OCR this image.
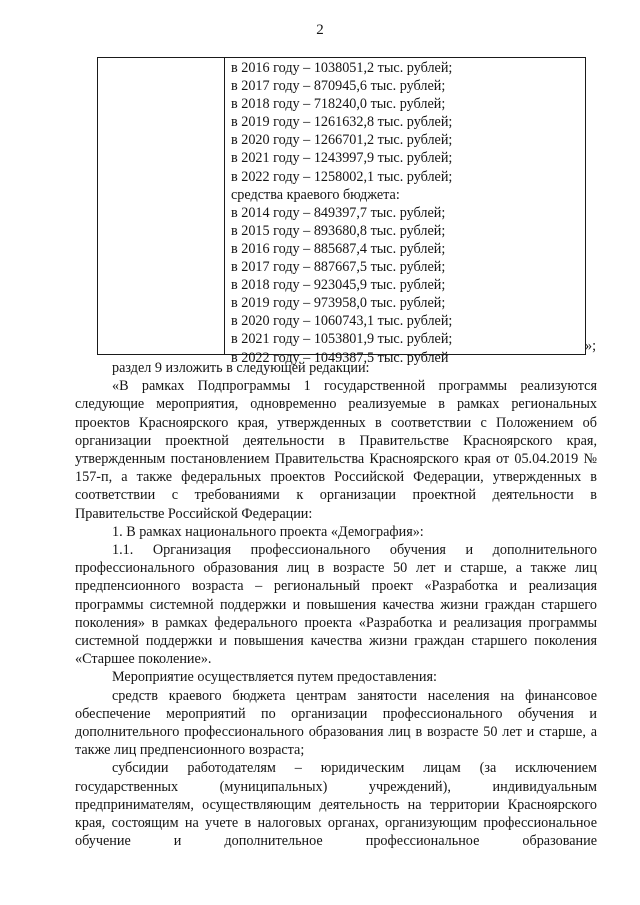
2
в 2016 году – 1038051,2 тыс. рублей;
в 2017 году – 870945,6 тыс. рублей;
в 2018 году – 718240,0 тыс. рублей;
в 2019 году – 1261632,8 тыс. рублей;
в 2020 году – 1266701,2 тыс. рублей;
в 2021 году – 1243997,9 тыс. рублей;
в 2022 году – 1258002,1 тыс. рублей;
средства краевого бюджета:
в 2014 году – 849397,7 тыс. рублей;
в 2015 году – 893680,8 тыс. рублей;
в 2016 году – 885687,4 тыс. рублей;
в 2017 году – 887667,5 тыс. рублей;
в 2018 году – 923045,9 тыс. рублей;
в 2019 году – 973958,0 тыс. рублей;
в 2020 году – 1060743,1 тыс. рублей;
в 2021 году – 1053801,9 тыс. рублей;
в 2022 году – 1049387,5 тыс. рублей
»;

раздел 9 изложить в следующей редакции:

«В рамках Подпрограммы 1 государственной программы реализуются следующие мероприятия, одновременно реализуемые в рамках региональных проектов Красноярского края, утвержденных в соответствии с Положением об организации проектной деятельности в Правительстве Красноярского края, утвержденным постановлением Правительства Красноярского края от 05.04.2019 № 157-п, а также федеральных проектов Российской Федерации, утвержденных в соответствии с требованиями к организации проектной деятельности в Правительстве Российской Федерации:

1. В рамках национального проекта «Демография»:

1.1. Организация профессионального обучения и дополнительного профессионального образования лиц в возрасте 50 лет и старше, а также лиц предпенсионного возраста – региональный проект «Разработка и реализация программы системной поддержки и повышения качества жизни граждан старшего поколения» в рамках федерального проекта «Разработка и реализация программы системной поддержки и повышения качества жизни граждан старшего поколения «Старшее поколение».

Мероприятие осуществляется путем предоставления:

средств краевого бюджета центрам занятости населения на финансовое обеспечение мероприятий по организации профессионального обучения и дополнительного профессионального образования лиц в возрасте 50 лет и старше, а также лиц предпенсионного возраста;

субсидии работодателям – юридическим лицам (за исключением государственных (муниципальных) учреждений), индивидуальным предпринимателям, осуществляющим деятельность на территории Красноярского края, состоящим на учете в налоговых органах, организующим профессиональное обучение и дополнительное профессиональное образование
